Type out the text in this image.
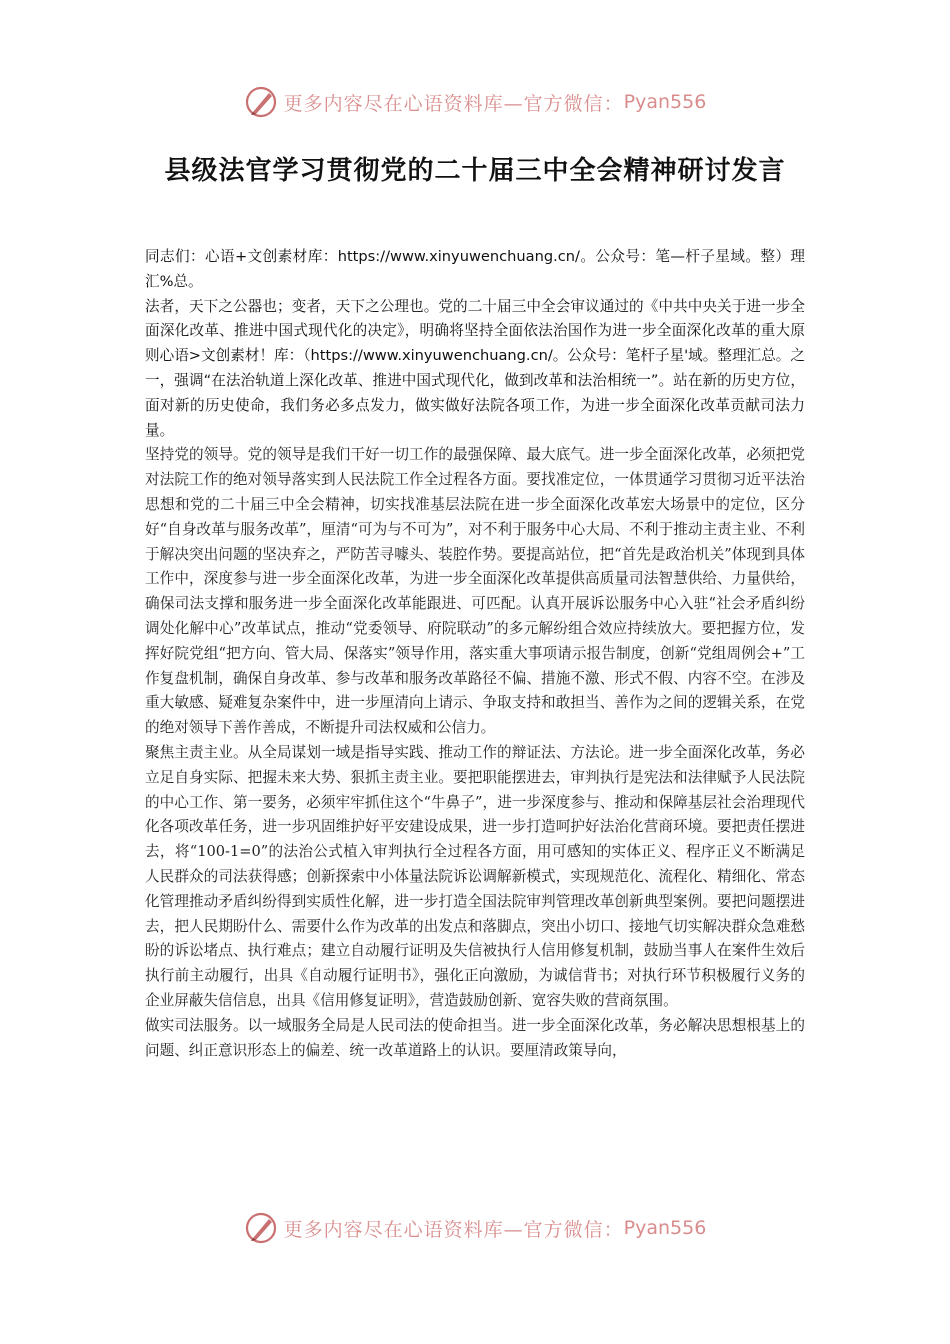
更多内容尽在心语资料库—官方微信： Pyan556
县级法官学习贯彻党的二十届三中全会精神研讨发言

同志们：心语+文创素材库：https://www.xinyuwenchuang.cn/。公众号：笔—杆子星域。整）理汇%总。

法者，天下之公器也；变者，天下之公理也。党的二十届三中全会审议通过的《中共中央关于进一步全面深化改革、推进中国式现代化的决定》，明确将坚持全面依法治国作为进一步全面深化改革的重大原则心语>文创素材！库：（https://www.xinyuwenchuang.cn/。公众号：笔杆子星'域。整理汇总。之一，强调“在法治轨道上深化改革、推进中国式现代化，做到改革和法治相统一”。站在新的历史方位，面对新的历史使命，我们务必多点发力，做实做好法院各项工作，为进一步全面深化改革贡献司法力量。

坚持党的领导。党的领导是我们干好一切工作的最强保障、最大底气。进一步全面深化改革，必须把党对法院工作的绝对领导落实到人民法院工作全过程各方面。要找准定位，一体贯通学习贯彻习近平法治思想和党的二十届三中全会精神，切实找准基层法院在进一步全面深化改革宏大场景中的定位，区分好“自身改革与服务改革”，厘清“可为与不可为”，对不利于服务中心大局、不利于推动主责主业、不利于解决突出问题的坚决弃之，严防苦寻噱头、装腔作势。要提高站位，把“首先是政治机关”体现到具体工作中，深度参与进一步全面深化改革，为进一步全面深化改革提供高质量司法智慧供给、力量供给，确保司法支撑和服务进一步全面深化改革能跟进、可匹配。认真开展诉讼服务中心入驻“社会矛盾纠纷调处化解中心”改革试点，推动“党委领导、府院联动”的多元解纷组合效应持续放大。要把握方位，发挥好院党组“把方向、管大局、保落实”领导作用，落实重大事项请示报告制度，创新“党组周例会+”工作复盘机制，确保自身改革、参与改革和服务改革路径不偏、措施不激、形式不假、内容不空。在涉及重大敏感、疑难复杂案件中，进一步厘清向上请示、争取支持和敢担当、善作为之间的逻辑关系，在党的绝对领导下善作善成，不断提升司法权威和公信力。

聚焦主责主业。从全局谋划一域是指导实践、推动工作的辩证法、方法论。进一步全面深化改革，务必立足自身实际、把握未来大势、狠抓主责主业。要把职能摆进去，审判执行是宪法和法律赋予人民法院的中心工作、第一要务，必须牢牢抓住这个“牛鼻子”，进一步深度参与、推动和保障基层社会治理现代化各项改革任务，进一步巩固维护好平安建设成果，进一步打造呵护好法治化营商环境。要把责任摆进去，将“100-1=0”的法治公式植入审判执行全过程各方面，用可感知的实体正义、程序正义不断满足人民群众的司法获得感；创新探索中小体量法院诉讼调解新模式，实现规范化、流程化、精细化、常态化管理推动矛盾纠纷得到实质性化解，进一步打造全国法院审判管理改革创新典型案例。要把问题摆进去，把人民期盼什么、需要什么作为改革的出发点和落脚点，突出小切口、接地气切实解决群众急难愁盼的诉讼堵点、执行难点；建立自动履行证明及失信被执行人信用修复机制，鼓励当事人在案件生效后执行前主动履行，出具《自动履行证明书》，强化正向激励，为诚信背书；对执行环节积极履行义务的企业屏蔽失信信息，出具《信用修复证明》，营造鼓励创新、宽容失败的营商氛围。

做实司法服务。以一域服务全局是人民司法的使命担当。进一步全面深化改革，务必解决思想根基上的问题、纠正意识形态上的偏差、统一改革道路上的认识。要厘清政策导向，

更多内容尽在心语资料库—官方微信： Pyan556
